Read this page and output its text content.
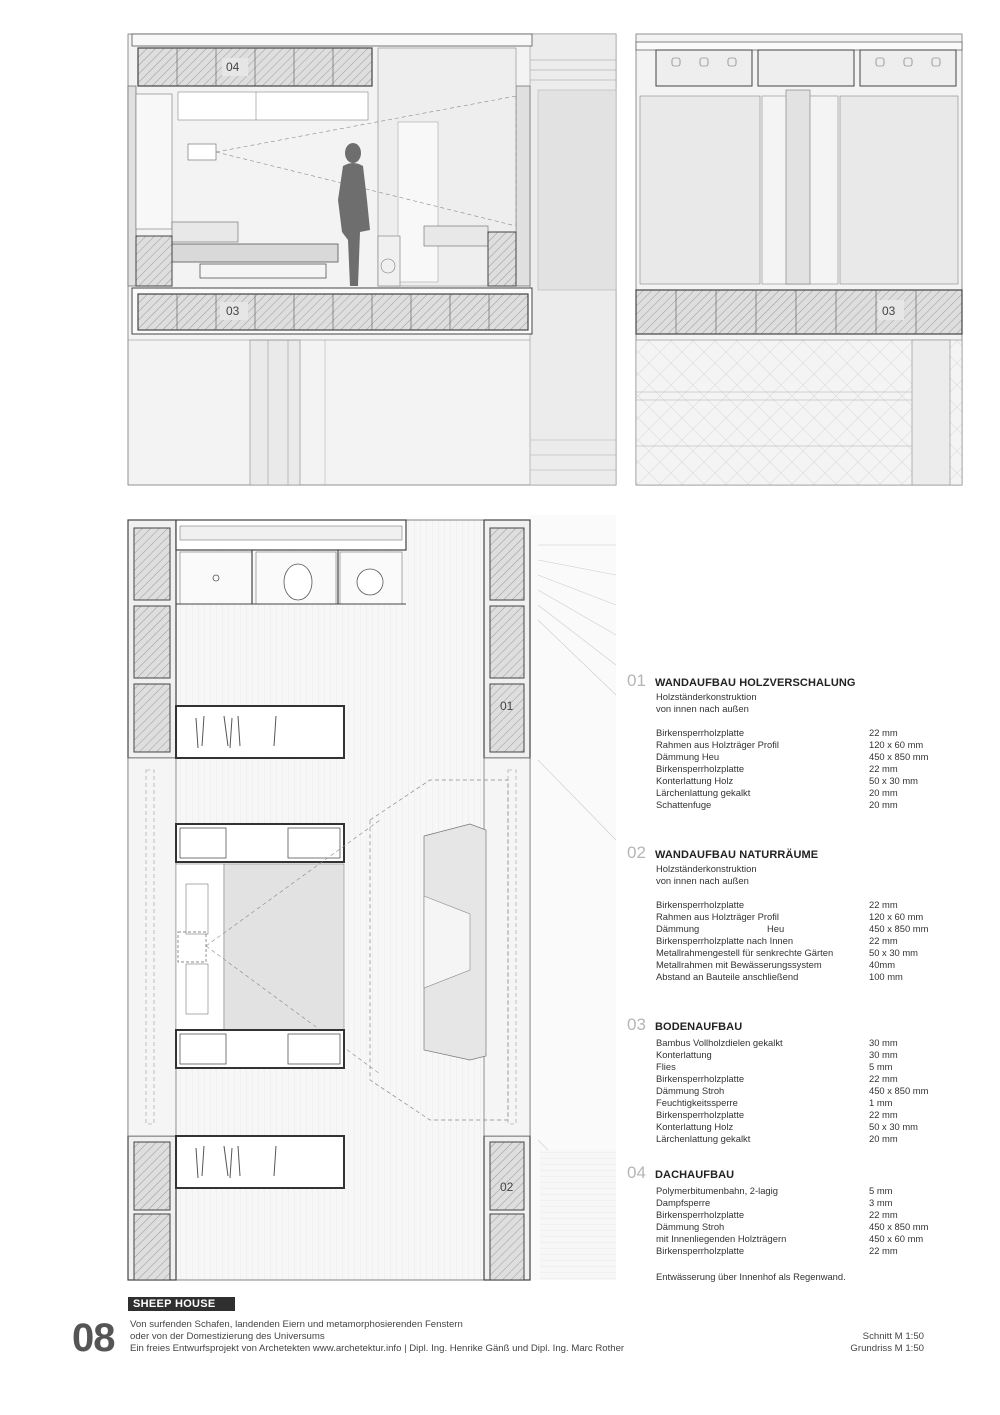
04
03	03
01
02
01 WANDAUFBAU HOLZVERSCHALUNG
Holzständerkonstruktion
von innen nach außen
Birkensperrholzplatte	22 mm
Rahmen aus Holzträger Profil	120 x 60 mm
Dämmung Heu	450 x 850 mm
Birkensperrholzplatte	22 mm
Konterlattung Holz	50 x 30 mm
Lärchenlattung gekalkt	20 mm
Schattenfuge	20 mm
02 WANDAUFBAU NATURRÄUME
Holzständerkonstruktion
von innen nach außen
Birkensperrholzplatte	22 mm
Rahmen aus Holzträger Profil	120 x 60 mm
Dämmung                          Heu	450 x 850 mm
Birkensperrholzplatte nach Innen	22 mm
Metallrahmengestell für senkrechte Gärten	50 x 30 mm
Metallrahmen mit Bewässerungssystem	40mm
Abstand an Bauteile anschließend	100 mm
03 BODENAUFBAU
Bambus Vollholzdielen gekalkt	30 mm
Konterlattung	30 mm
Flies	5 mm
Birkensperrholzplatte	22 mm
Dämmung Stroh	450 x 850 mm
Feuchtigkeitssperre	1 mm
Birkensperrholzplatte	22 mm
Konterlattung Holz	50 x 30 mm
Lärchenlattung gekalkt	20 mm
04 DACHAUFBAU
Polymerbitumenbahn, 2-lagig	5 mm
Dampfsperre	3 mm
Birkensperrholzplatte	22 mm
Dämmung Stroh	450 x 850 mm
mit Innenliegenden Holzträgern	450 x 60 mm
Birkensperrholzplatte	22 mm
Entwässerung über Innenhof als Regenwand.
SHEEP HOUSE
08 Von surfenden Schafen, landenden Eiern und metamorphosierenden Fenstern
oder von der Domestizierung des Universums
Ein freies Entwurfsprojekt von Archetekten www.archetektur.info | Dipl. Ing. Henrike Gänß und Dipl. Ing. Marc Rother
Schnitt M 1:50
Grundriss M 1:50
